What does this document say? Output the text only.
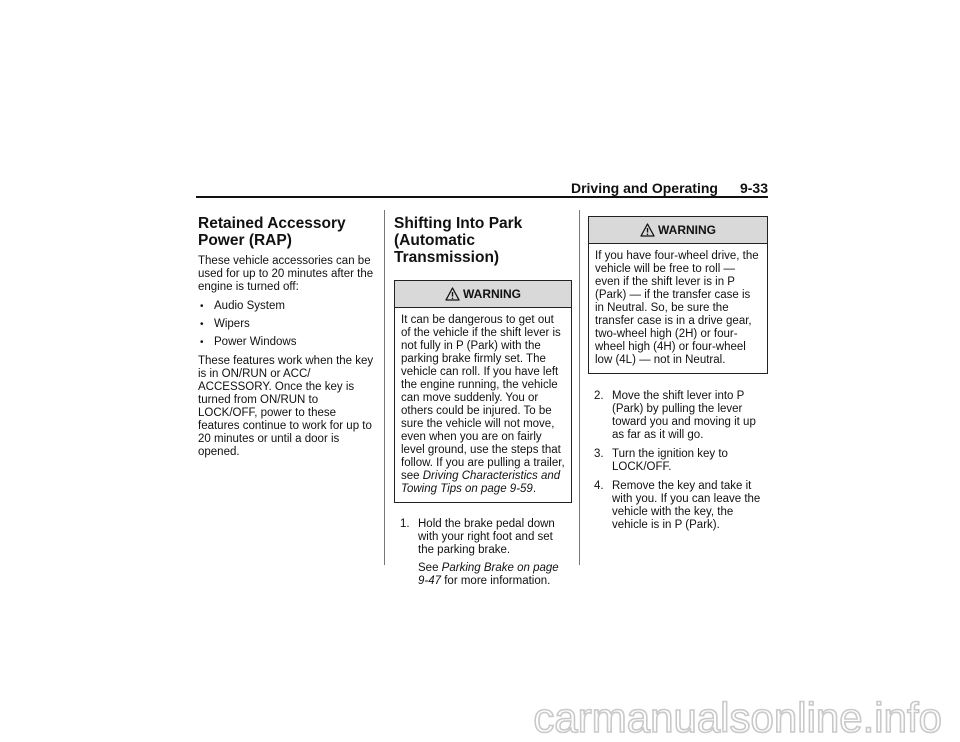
Driving and Operating 9-33
Retained Accessory
Power (RAP)

These vehicle accessories can be used for up to 20 minutes after the engine is turned off:

• Audio System
• Wipers
• Power Windows

These features work when the key is in ON/RUN or ACC/ ACCESSORY. Once the key is turned from ON/RUN to LOCK/OFF, power to these features continue to work for up to 20 minutes or until a door is opened.

Shifting Into Park
(Automatic Transmission)
WARNING
It can be dangerous to get out of the vehicle if the shift lever is not fully in P (Park) with the parking brake firmly set. The vehicle can roll. If you have left the engine running, the vehicle can move suddenly. You or others could be injured. To be sure the vehicle will not move, even when you are on fairly level ground, use the steps that follow. If you are pulling a trailer, see Driving Characteristics and Towing Tips on page 9-59.
1. Hold the brake pedal down with your right foot and set the parking brake.
See Parking Brake on page 9-47 for more information.
WARNING
If you have four-wheel drive, the vehicle will be free to roll — even if the shift lever is in P (Park) — if the transfer case is in Neutral. So, be sure the transfer case is in a drive gear, two-wheel high (2H) or four-wheel high (4H) or four-wheel low (4L) — not in Neutral.
2. Move the shift lever into P (Park) by pulling the lever toward you and moving it up as far as it will go.
3. Turn the ignition key to LOCK/OFF.
4. Remove the key and take it with you. If you can leave the vehicle with the key, the vehicle is in P (Park).
carmanualsonline.info
